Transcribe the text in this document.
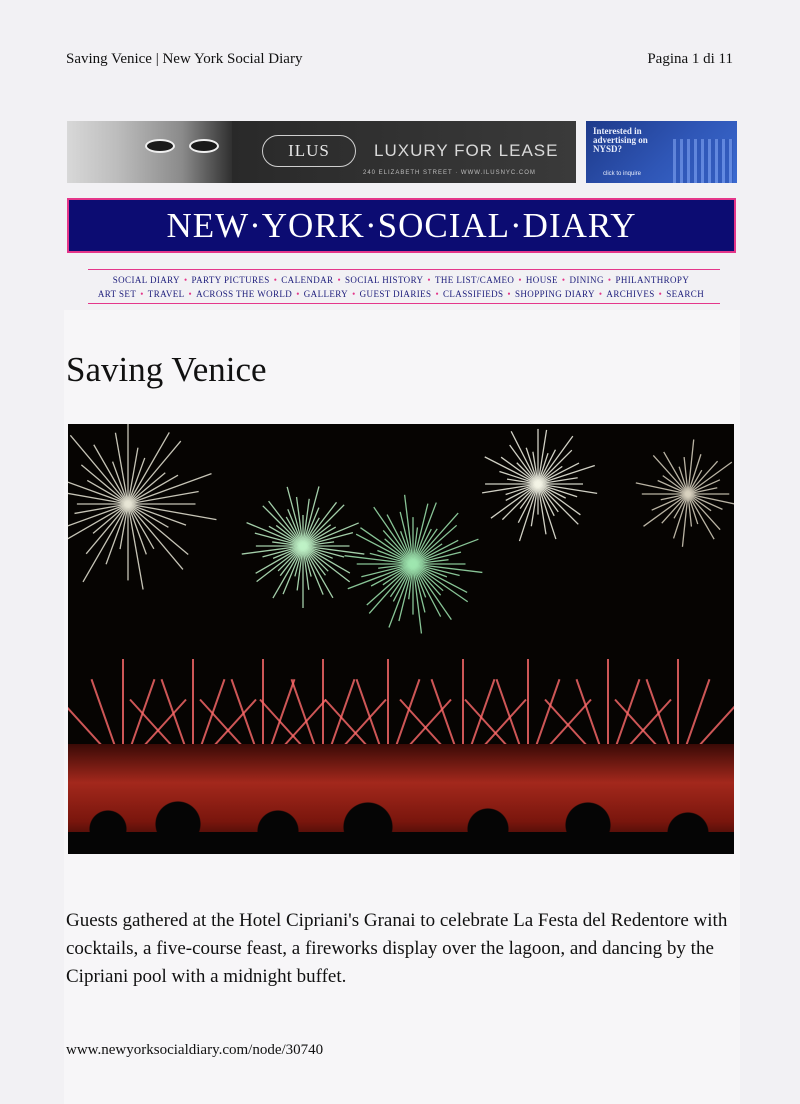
Saving Venice | New York Social Diary	Pagina 1 di 11
ILUS	LUXURY FOR LEASE
240 ELIZABETH STREET · WWW.ILUSNYC.COM
Interested in advertising on NYSD?
click to inquire
NEW·YORK·SOCIAL·DIARY
SOCIAL DIARY • PARTY PICTURES • CALENDAR • SOCIAL HISTORY • THE LIST/CAMEO • HOUSE • DINING • PHILANTHROPY
ART SET • TRAVEL • ACROSS THE WORLD • GALLERY • GUEST DIARIES • CLASSIFIEDS • SHOPPING DIARY • ARCHIVES • SEARCH
Saving Venice

Guests gathered at the Hotel Cipriani's Granai to celebrate La Festa del Redentore with cocktails, a five-course feast, a fireworks display over the lagoon, and dancing by the Cipriani pool with a midnight buffet.

www.newyorksocialdiary.com/node/30740
